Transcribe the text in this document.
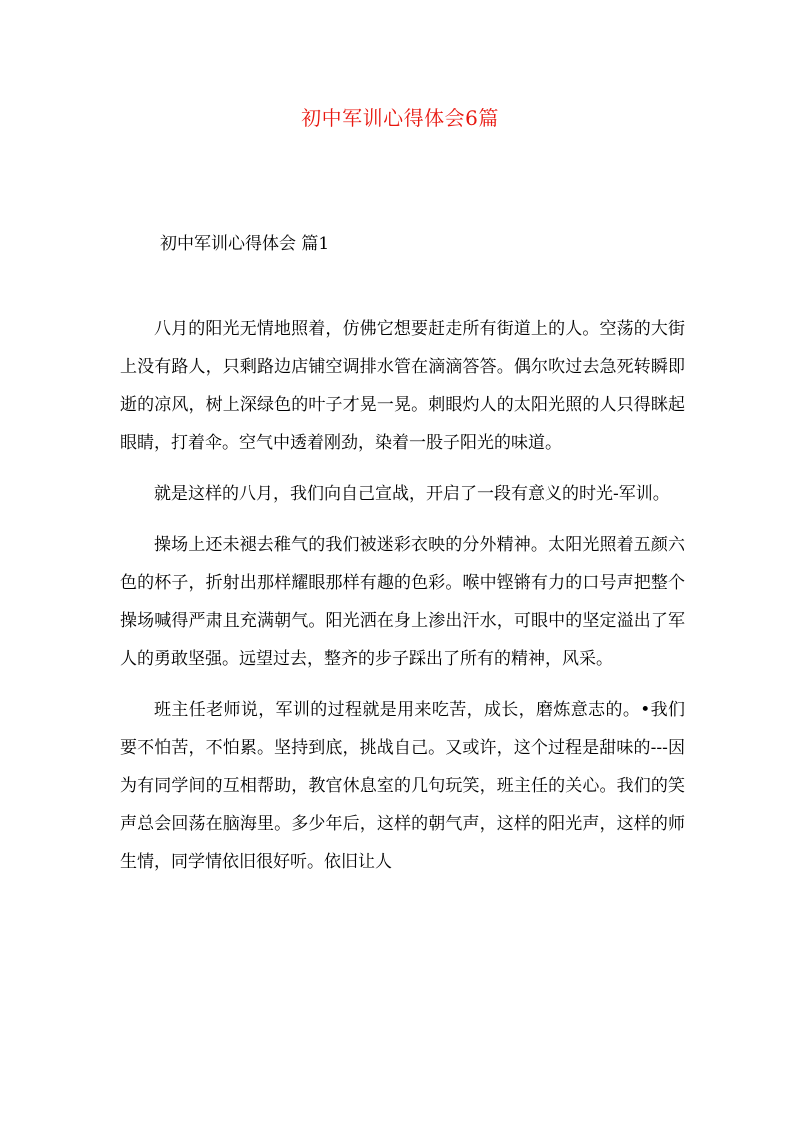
初中军训心得体会6篇
初中军训心得体会 篇1

八月的阳光无情地照着，仿佛它想要赶走所有街道上的人。空荡的大街上没有路人，只剩路边店铺空调排水管在滴滴答答。偶尔吹过去急死转瞬即逝的凉风，树上深绿色的叶子才晃一晃。刺眼灼人的太阳光照的人只得眯起眼睛，打着伞。空气中透着刚劲，染着一股子阳光的味道。

就是这样的八月，我们向自己宣战，开启了一段有意义的时光-军训。

操场上还未褪去稚气的我们被迷彩衣映的分外精神。太阳光照着五颜六色的杯子，折射出那样耀眼那样有趣的色彩。喉中铿锵有力的口号声把整个操场喊得严肃且充满朝气。阳光洒在身上渗出汗水，可眼中的坚定溢出了军人的勇敢坚强。远望过去，整齐的步子踩出了所有的精神，风采。

班主任老师说，军训的过程就是用来吃苦，成长，磨炼意志的。•我们要不怕苦，不怕累。坚持到底，挑战自己。又或许，这个过程是甜味的---因为有同学间的互相帮助，教官休息室的几句玩笑，班主任的关心。我们的笑声总会回荡在脑海里。多少年后，这样的朝气声，这样的阳光声，这样的师生情，同学情依旧很好听。依旧让人
